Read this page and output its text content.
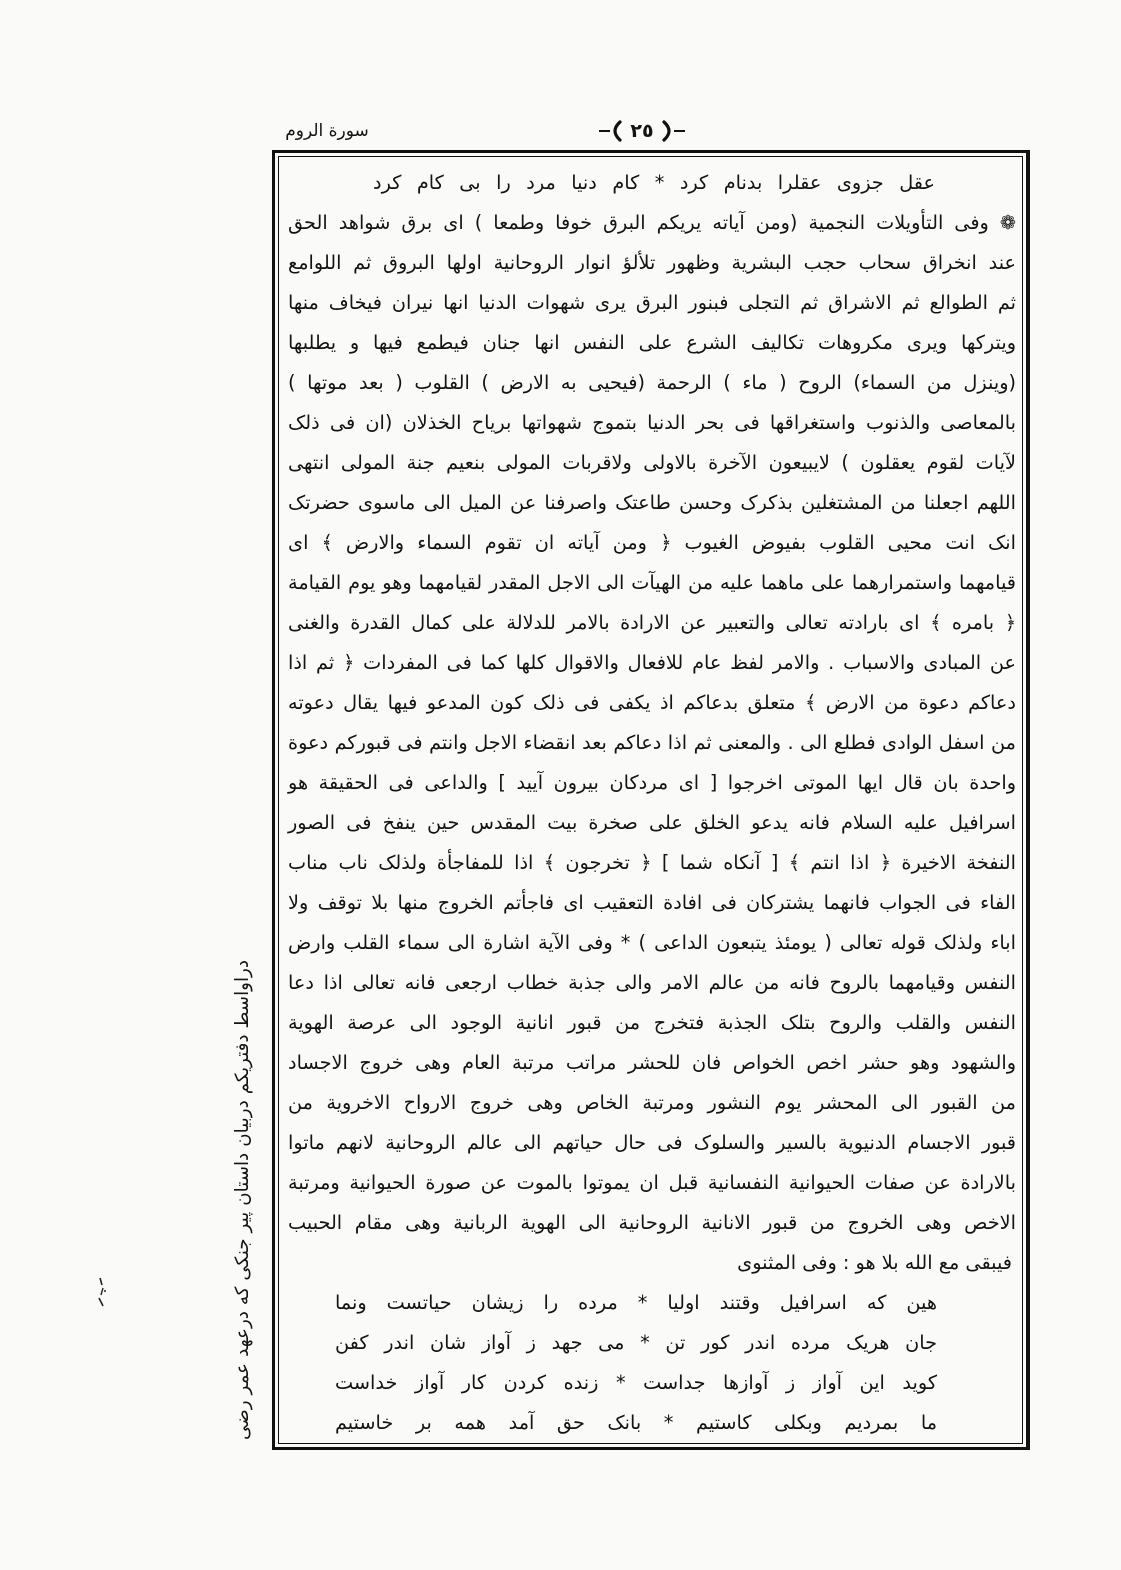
سورة الروم	٢٥
عقل جزوی عقلرا بدنام کرد * کام دنیا مرد را بی کام کرد
❁ وفی التأویلات النجمیة (ومن آیاته یریکم البرق خوفا وطمعا ) ای برق شواهد الحق
عند انخراق سحاب حجب البشریة وظهور تلألؤ انوار الروحانیة اولها البروق ثم اللوامع
ثم الطوالع ثم الاشراق ثم التجلی فبنور البرق یری شهوات الدنیا انها نیران فیخاف منها
ویترکها ویری مکروهات تکالیف الشرع علی النفس انها جنان فیطمع فیها و یطلبها
(وینزل من السماء) الروح ( ماء ) الرحمة (فیحیی به الارض ) القلوب ( بعد موتها )
بالمعاصی والذنوب واستغراقها فی بحر الدنیا بتموج شهواتها بریاح الخذلان (ان فی ذلک
لآیات لقوم یعقلون ) لایبیعون الآخرة بالاولی ولاقربات المولی بنعیم جنة المولی انتهی
اللهم اجعلنا من المشتغلین بذکرک وحسن طاعتک واصرفنا عن المیل الی ماسوی حضرتک
انک انت محیی القلوب بفیوض الغیوب ﴿ ومن آیاته ان تقوم السماء والارض ﴾ ای
قیامهما واستمرارهما علی ماهما علیه من الهیآت الی الاجل المقدر لقیامهما وهو یوم القیامة
﴿ بامره ﴾ ای بارادته تعالی والتعبیر عن الارادة بالامر للدلالة علی کمال القدرة والغنی
عن المبادی والاسباب . والامر لفظ عام للافعال والاقوال کلها کما فی المفردات ﴿ ثم اذا
دعاکم دعوة من الارض ﴾ متعلق بدعاکم اذ یکفی فی ذلک کون المدعو فیها یقال دعوته
من اسفل الوادی فطلع الی . والمعنی ثم اذا دعاکم بعد انقضاء الاجل وانتم فی قبورکم دعوة
واحدة بان قال ایها الموتی اخرجوا [ ای مردکان بیرون آیید ] والداعی فی الحقیقة هو
اسرافیل علیه السلام فانه یدعو الخلق علی صخرة بیت المقدس حین ینفخ فی الصور
النفخة الاخیرة ﴿ اذا انتم ﴾ [ آنکاه شما ] ﴿ تخرجون ﴾ اذا للمفاجأة ولذلک ناب مناب
الفاء فی الجواب فانهما یشترکان فی افادة التعقیب ای فاجأتم الخروج منها بلا توقف ولا
اباء ولذلک قوله تعالی ( یومئذ یتبعون الداعی ) * وفی الآیة اشارة الی سماء القلب وارض
النفس وقیامهما بالروح فانه من عالم الامر والی جذبة خطاب ارجعی فانه تعالی اذا دعا
النفس والقلب والروح بتلک الجذبة فتخرج من قبور انانیة الوجود الی عرصة الهویة
والشهود وهو حشر اخص الخواص فان للحشر مراتب مرتبة العام وهی خروج الاجساد
من القبور الی المحشر یوم النشور ومرتبة الخاص وهی خروج الارواح الاخرویة من
قبور الاجسام الدنیویة بالسیر والسلوک فی حال حیاتهم الی عالم الروحانیة لانهم ماتوا
بالارادة عن صفات الحیوانیة النفسانیة قبل ان یموتوا بالموت عن صورة الحیوانیة ومرتبة
الاخص وهی الخروج من قبور الانانیة الروحانیة الی الهویة الربانیة وهی مقام الحبیب
فیبقی مع الله بلا هو : وفی المثنوی
هین که اسرافیل وقتند اولیا * مرده را زیشان حیاتست ونما
جان هریک مرده اندر کور تن * می جهد ز آواز شان اندر کفن
کوید این آواز ز آوازها جداست * زنده کردن کار آواز خداست
ما بمردیم وبکلی کاستیم * بانک حق آمد همه بر خاستیم
دراواسط دفتریکم دربیان داستان پیر جنکی که درعهد عمر رضی
